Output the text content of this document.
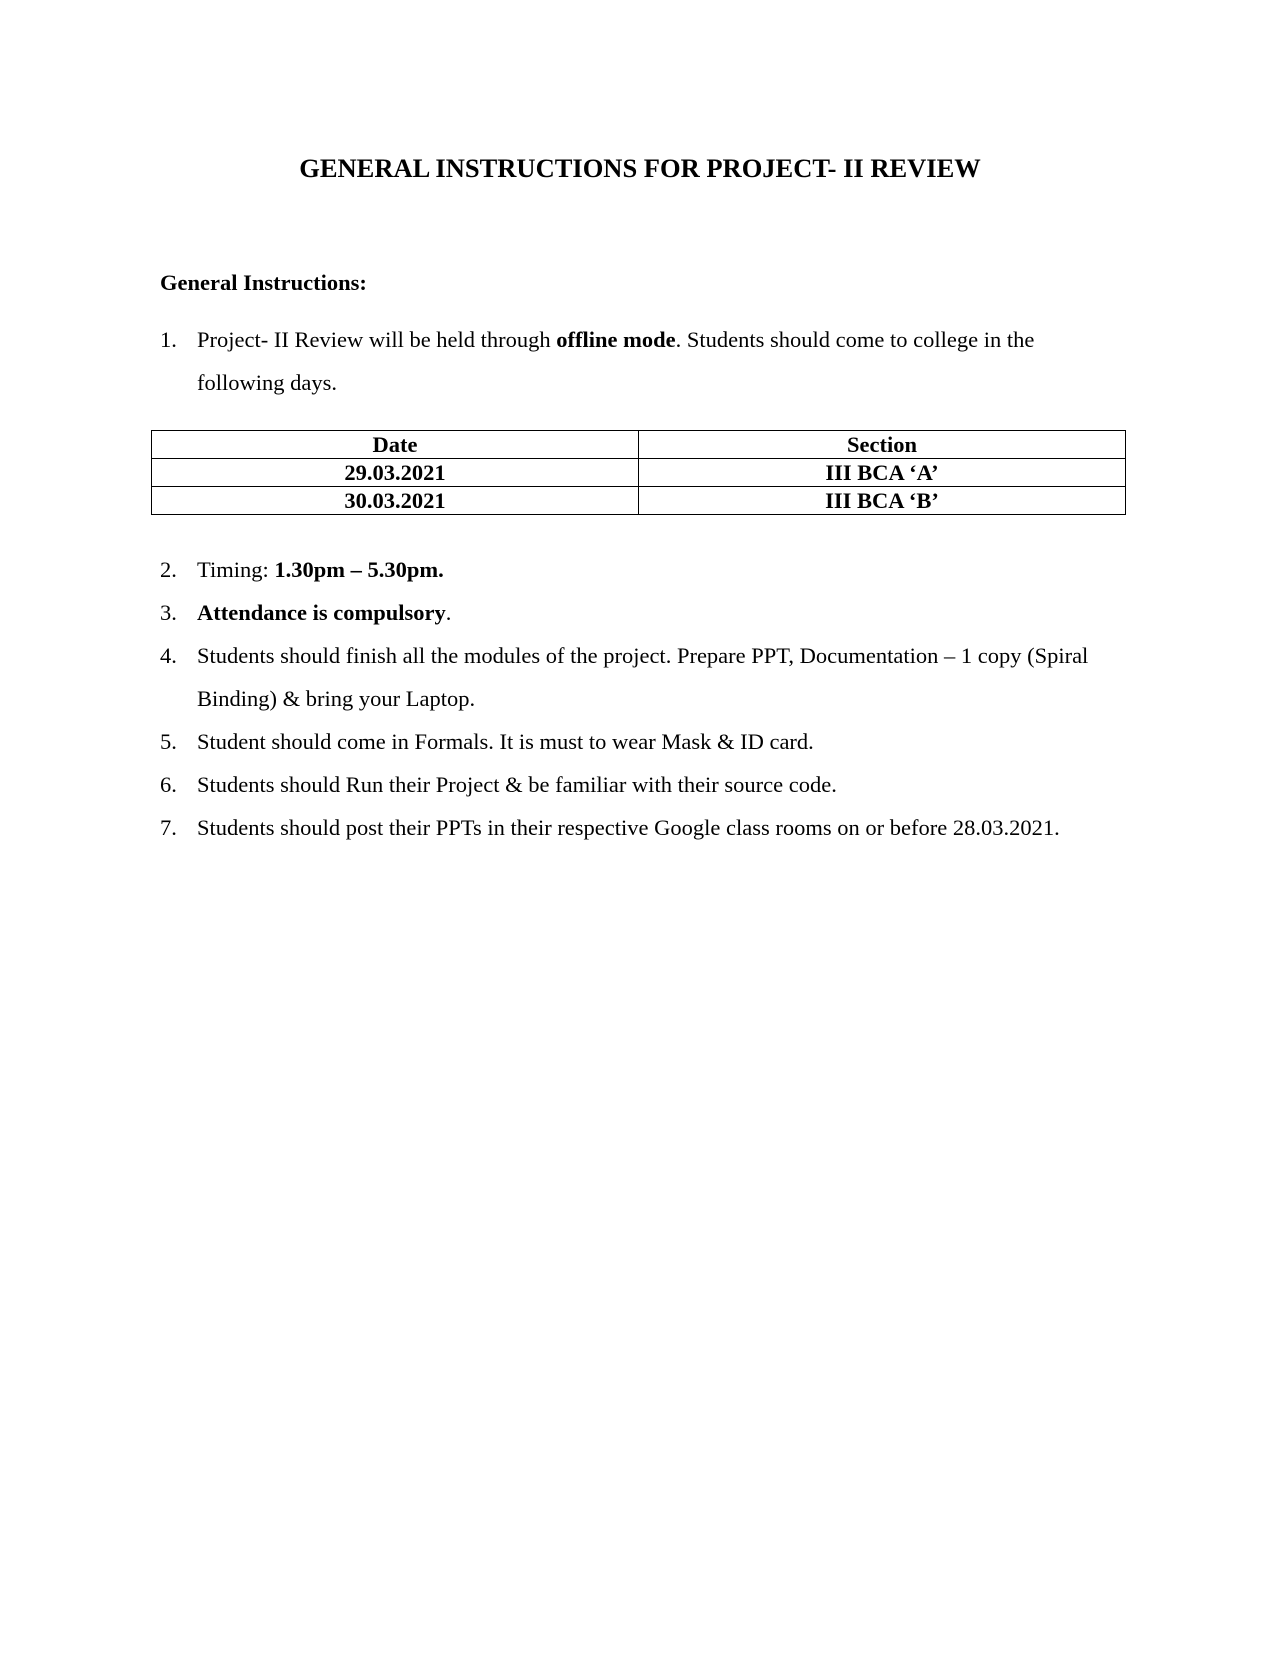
GENERAL INSTRUCTIONS FOR PROJECT- II REVIEW

General Instructions:

1. Project- II Review will be held through offline mode. Students should come to college in the following days.
Date	Section
29.03.2021	III BCA ‘A’
30.03.2021	III BCA ‘B’
2. Timing: 1.30pm – 5.30pm.
3. Attendance is compulsory.
4. Students should finish all the modules of the project. Prepare PPT, Documentation – 1 copy (Spiral Binding) & bring your Laptop.
5. Student should come in Formals. It is must to wear Mask & ID card.
6. Students should Run their Project & be familiar with their source code.
7. Students should post their PPTs in their respective Google class rooms on or before 28.03.2021.
